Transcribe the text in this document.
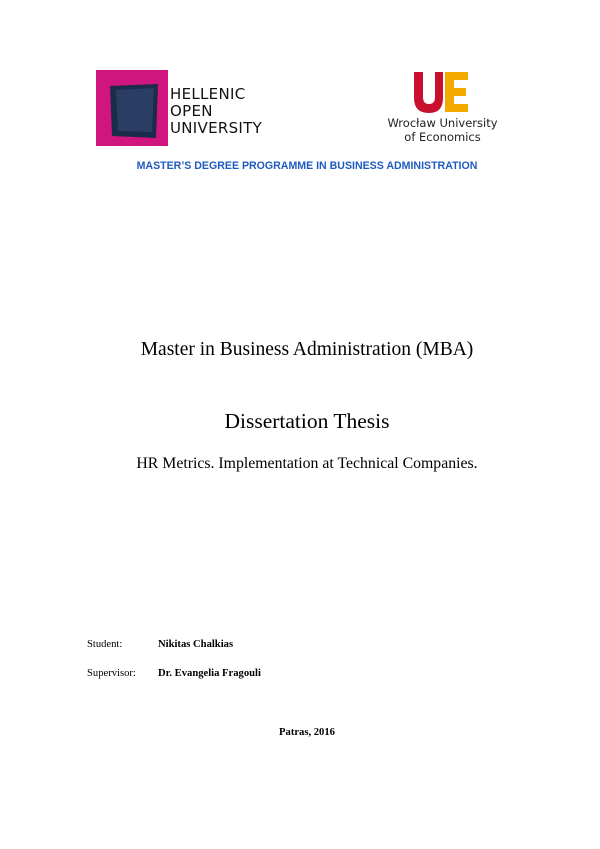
HELLENIC
OPEN
UNIVERSITY	Wrocław University
of Economics
MASTER’S DEGREE PROGRAMME IN BUSINESS ADMINISTRATION
Master in Business Administration (MBA)
Dissertation Thesis
HR Metrics. Implementation at Technical Companies.
Student:	Nikitas Chalkias
Supervisor: Dr. Evangelia Fragouli
Patras, 2016
